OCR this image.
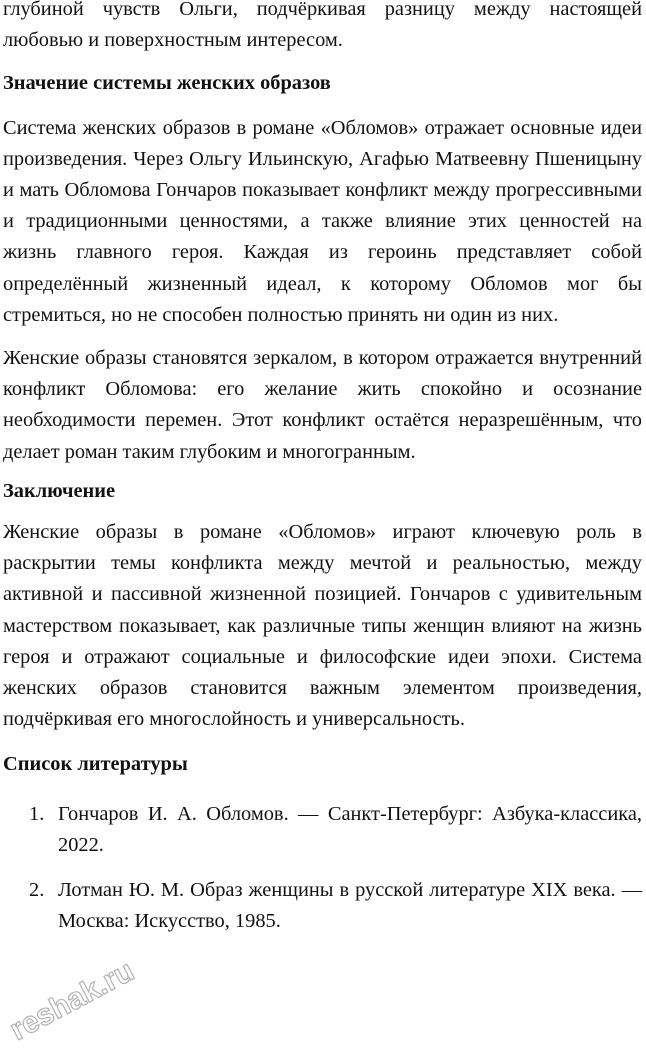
глубиной чувств Ольги, подчёркивая разницу между настоящей любовью и поверхностным интересом.

Значение системы женских образов

Система женских образов в романе «Обломов» отражает основные идеи произведения. Через Ольгу Ильинскую, Агафью Матвеевну Пшеницыну и мать Обломова Гончаров показывает конфликт между прогрессивными и традиционными ценностями, а также влияние этих ценностей на жизнь главного героя. Каждая из героинь представляет собой определённый жизненный идеал, к которому Обломов мог бы стремиться, но не способен полностью принять ни один из них.

Женские образы становятся зеркалом, в котором отражается внутренний конфликт Обломова: его желание жить спокойно и осознание необходимости перемен. Этот конфликт остаётся неразрешённым, что делает роман таким глубоким и многогранным.

Заключение

Женские образы в романе «Обломов» играют ключевую роль в раскрытии темы конфликта между мечтой и реальностью, между активной и пассивной жизненной позицией. Гончаров с удивительным мастерством показывает, как различные типы женщин влияют на жизнь героя и отражают социальные и философские идеи эпохи. Система женских образов становится важным элементом произведения, подчёркивая его многослойность и универсальность.

Список литературы
1. Гончаров И. А. Обломов. — Санкт-Петербург: Азбука-классика, 2022.
2. Лотман Ю. М. Образ женщины в русской литературе XIX века. — Москва: Искусство, 1985.
reshak.ru
